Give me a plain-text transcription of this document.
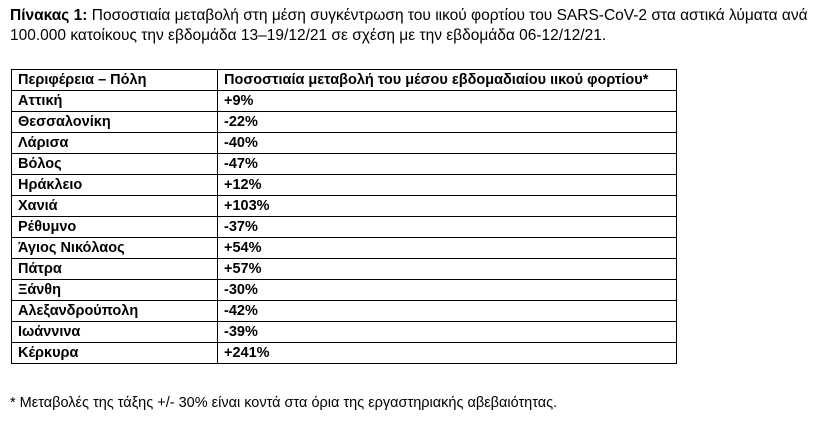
Πίνακας 1: Ποσοστιαία μεταβολή στη μέση συγκέντρωση του ιικού φορτίου του SARS-CoV-2 στα αστικά λύματα ανά
100.000 κατοίκους την εβδομάδα 13–19/12/21 σε σχέση με την εβδομάδα 06-12/12/21.
Περιφέρεια – Πόλη	Ποσοστιαία μεταβολή του μέσου εβδομαδιαίου ιικού φορτίου*
Αττική	+9%
Θεσσαλονίκη	-22%
Λάρισα	-40%
Βόλος	-47%
Ηράκλειο	+12%
Χανιά	+103%
Ρέθυμνο	-37%
Άγιος Νικόλαος	+54%
Πάτρα	+57%
Ξάνθη	-30%
Αλεξανδρούπολη	-42%
Ιωάννινα	-39%
Κέρκυρα	+241%
* Μεταβολές της τάξης +/- 30% είναι κοντά στα όρια της εργαστηριακής αβεβαιότητας.
